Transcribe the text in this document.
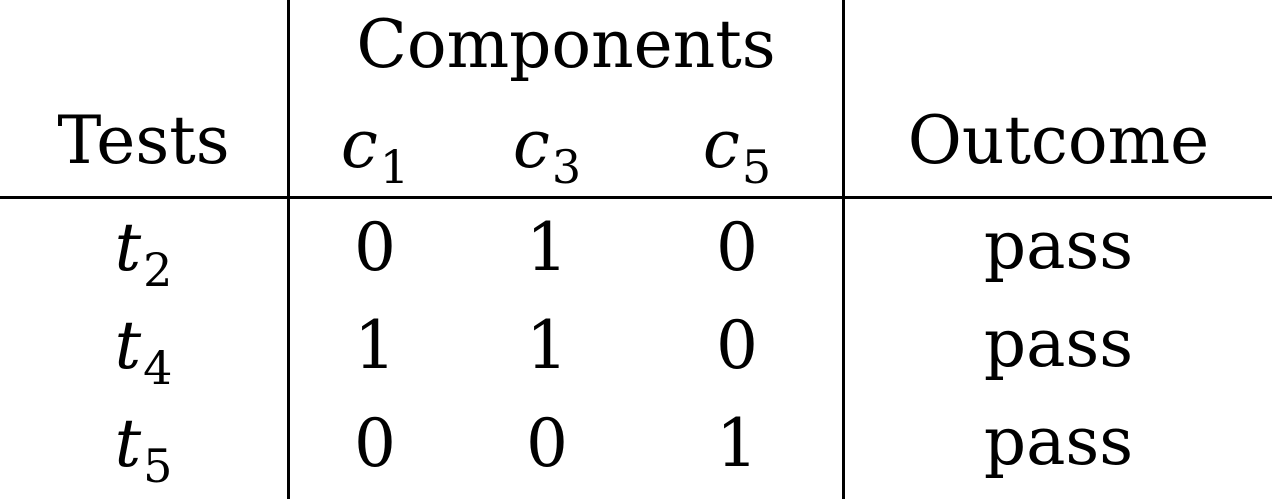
Components
Tests	$c_1$	$c_3$	$c_5$	Outcome
$t_2$	0	1	0	pass
$t_4$	1	1	0	pass
$t_5$	0	0	1	pass
